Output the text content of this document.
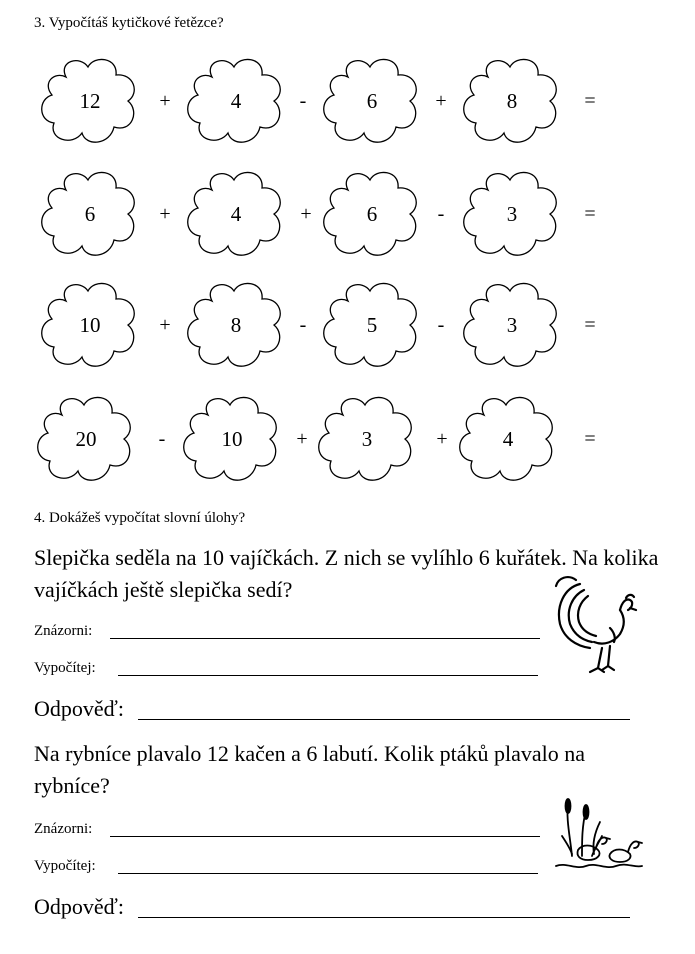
3. Vypočítáš kytičkové řetězce?
12	+	4	-	6	+	8	=
6	+	4	+	6	-	3	=
10	+	8	-	5	-	3	=
20	-	10	+	3	+	4	=
4. Dokážeš vypočítat slovní úlohy?
Slepička seděla na 10 vajíčkách. Z nich se vylíhlo 6 kuřátek. Na kolika vajíčkách ještě slepička sedí?
Znázorni:
Vypočítej:
Odpověď:
Na rybníce plavalo 12 kačen a 6 labutí. Kolik ptáků plavalo na rybníce?
Znázorni:
Vypočítej:
Odpověď:
